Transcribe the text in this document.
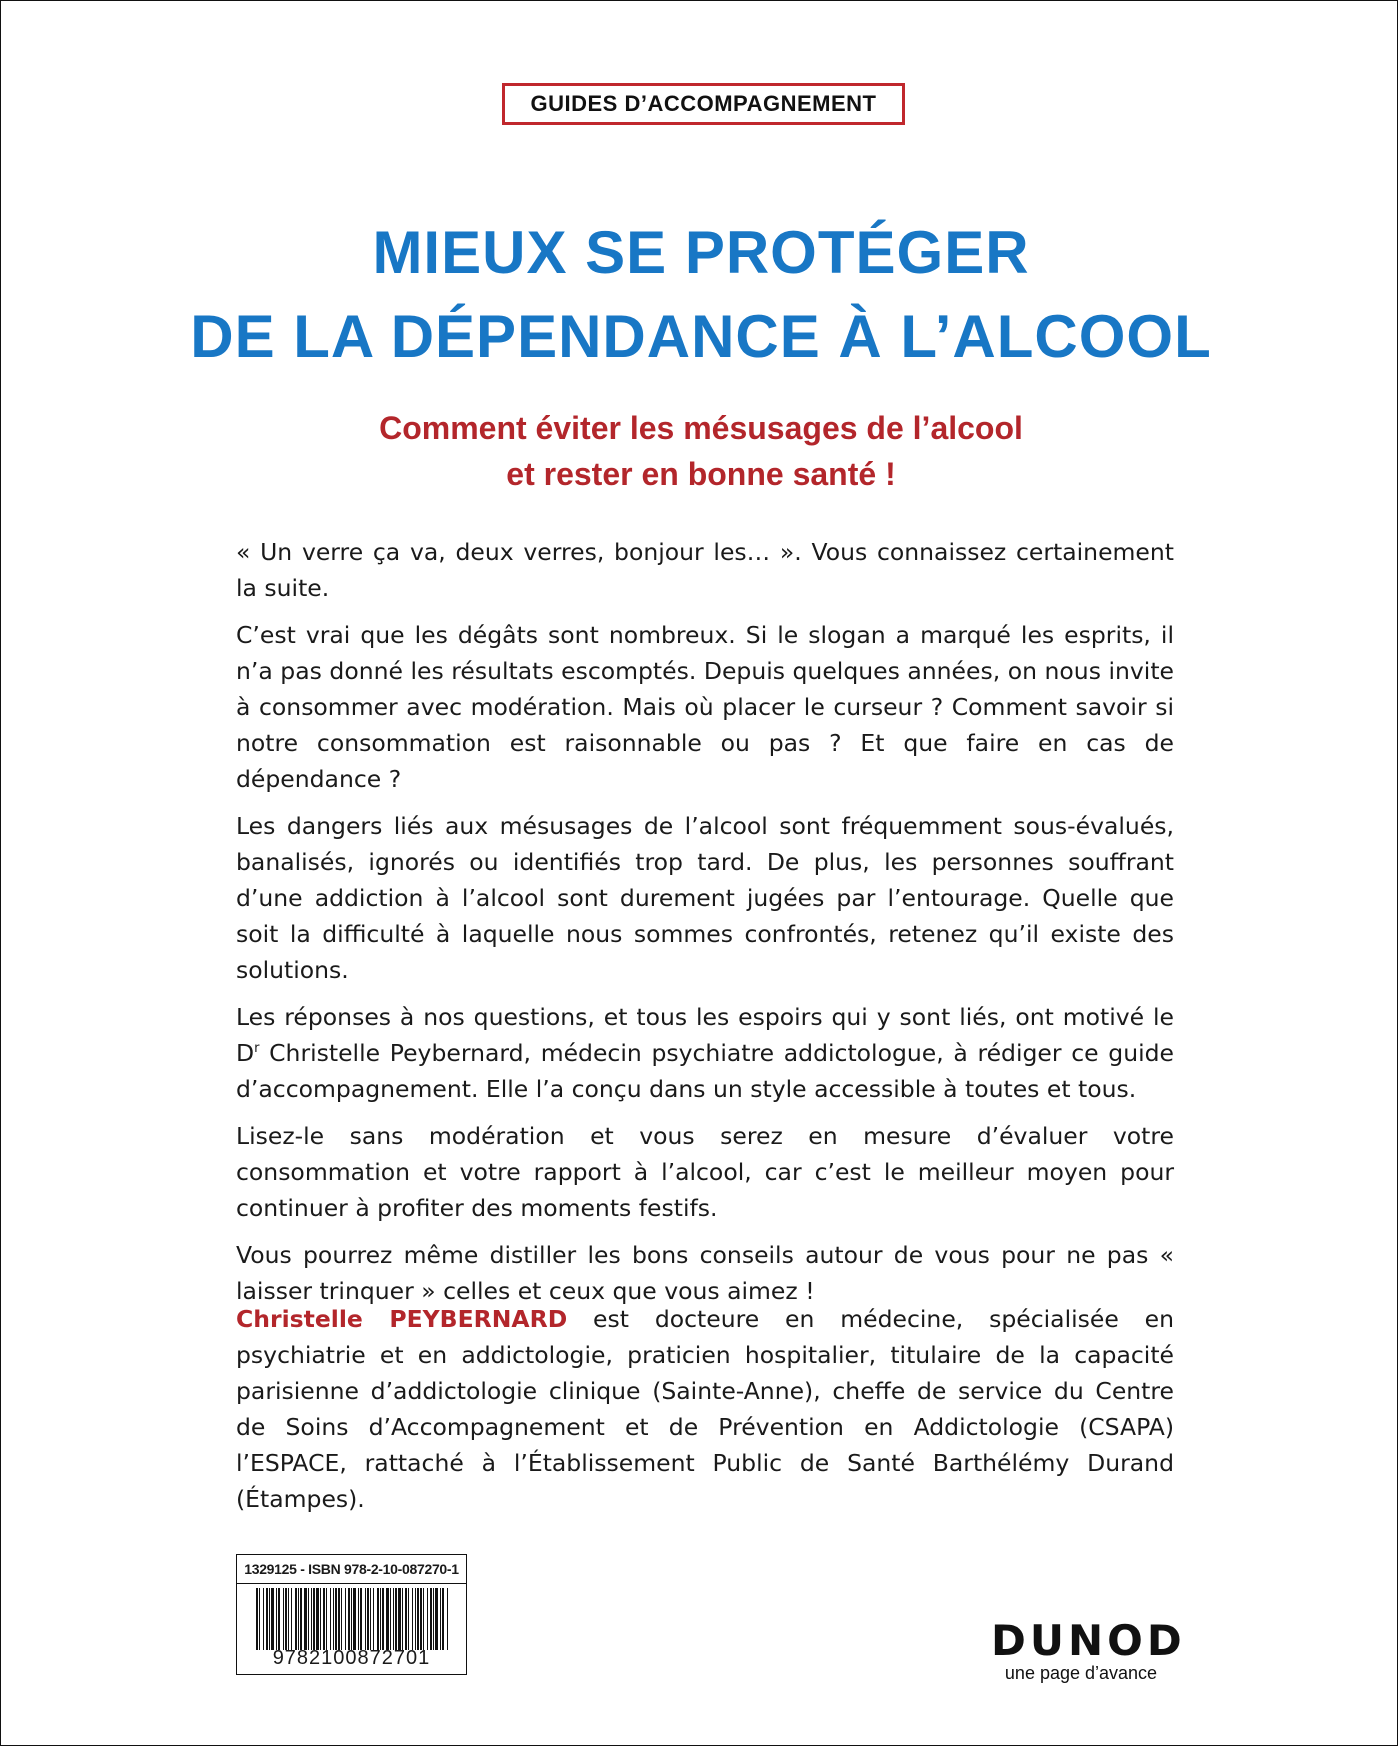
GUIDES D’ACCOMPAGNEMENT
MIEUX SE PROTÉGER
DE LA DÉPENDANCE À L’ALCOOL
Comment éviter les mésusages de l’alcool
et rester en bonne santé !

« Un verre ça va, deux verres, bonjour les… ». Vous connaissez certainement la suite.

C’est vrai que les dégâts sont nombreux. Si le slogan a marqué les esprits, il n’a pas donné les résultats escomptés. Depuis quelques années, on nous invite à consommer avec modération. Mais où placer le curseur ? Comment savoir si notre consommation est raisonnable ou pas ? Et que faire en cas de dépendance ?

Les dangers liés aux mésusages de l’alcool sont fréquemment sous-évalués, banalisés, ignorés ou identifiés trop tard. De plus, les personnes souffrant d’une addiction à l’alcool sont durement jugées par l’entourage. Quelle que soit la difficulté à laquelle nous sommes confrontés, retenez qu’il existe des solutions.

Les réponses à nos questions, et tous les espoirs qui y sont liés, ont motivé le $D^r$ Christelle Peybernard, médecin psychiatre addictologue, à rédiger ce guide d’accompagnement. Elle l’a conçu dans un style accessible à toutes et tous.

Lisez-le sans modération et vous serez en mesure d’évaluer votre consommation et votre rapport à l’alcool, car c’est le meilleur moyen pour continuer à profiter des moments festifs.

Vous pourrez même distiller les bons conseils autour de vous pour ne pas « laisser trinquer » celles et ceux que vous aimez !

Christelle PEYBERNARD est docteure en médecine, spécialisée en psychiatrie et en addictologie, praticien hospitalier, titulaire de la capacité parisienne d’addictologie clinique (Sainte-Anne), cheffe de service du Centre de Soins d’Accompagnement et de Prévention en Addictologie (CSAPA) l’ESPACE, rattaché à l’Établissement Public de Santé Barthélémy Durand (Étampes).
1329125 - ISBN 978-2-10-087270-1
9782100872701	DUNOD
une page d’avance
